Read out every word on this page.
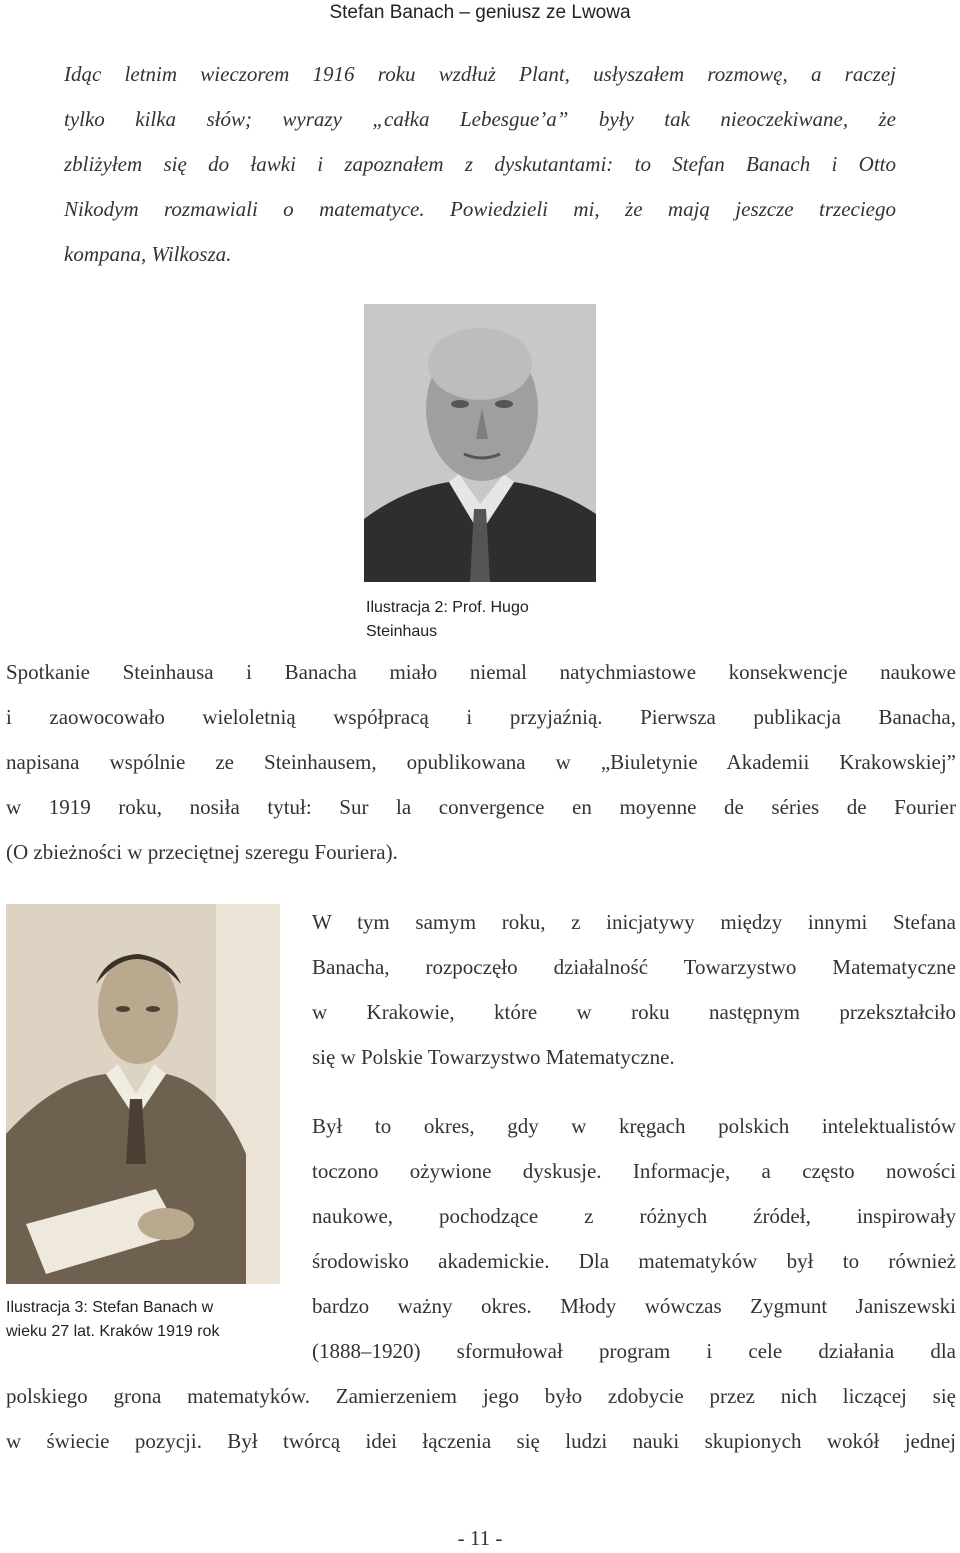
Stefan Banach – geniusz ze Lwowa
Idąc letnim wieczorem 1916 roku wzdłuż Plant, usłyszałem rozmowę, a raczej
tylko kilka słów; wyrazy „całka Lebesgue’a” były tak nieoczekiwane, że
zbliżyłem się do ławki i zapoznałem z dyskutantami: to Stefan Banach i Otto
Nikodym rozmawiali o matematyce. Powiedzieli mi, że mają jeszcze trzeciego
kompana, Wilkosza.
Ilustracja 2: Prof. Hugo
Steinhaus
Spotkanie Steinhausa i Banacha miało niemal natychmiastowe konsekwencje naukowe
i zaowocowało wieloletnią współpracą i przyjaźnią. Pierwsza publikacja Banacha,
napisana wspólnie ze Steinhausem, opublikowana w „Biuletynie Akademii Krakowskiej”
w 1919 roku, nosiła tytuł: Sur la convergence en moyenne de séries de Fourier
(O zbieżności w przeciętnej szeregu Fouriera).
Ilustracja 3: Stefan Banach w
wieku 27 lat. Kraków 1919 rok
W tym samym roku, z inicjatywy między innymi Stefana
Banacha, rozpoczęło działalność Towarzystwo Matematyczne
w Krakowie, które w roku następnym przekształciło
się w Polskie Towarzystwo Matematyczne.
Był to okres, gdy w kręgach polskich intelektualistów
toczono ożywione dyskusje. Informacje, a często nowości
naukowe, pochodzące z różnych źródeł, inspirowały
środowisko akademickie. Dla matematyków był to również
bardzo ważny okres. Młody wówczas Zygmunt Janiszewski
(1888–1920) sformułował program i cele działania dla
polskiego grona matematyków. Zamierzeniem jego było zdobycie przez nich liczącej się
w świecie pozycji. Był twórcą idei łączenia się ludzi nauki skupionych wokół jednej
- 11 -
